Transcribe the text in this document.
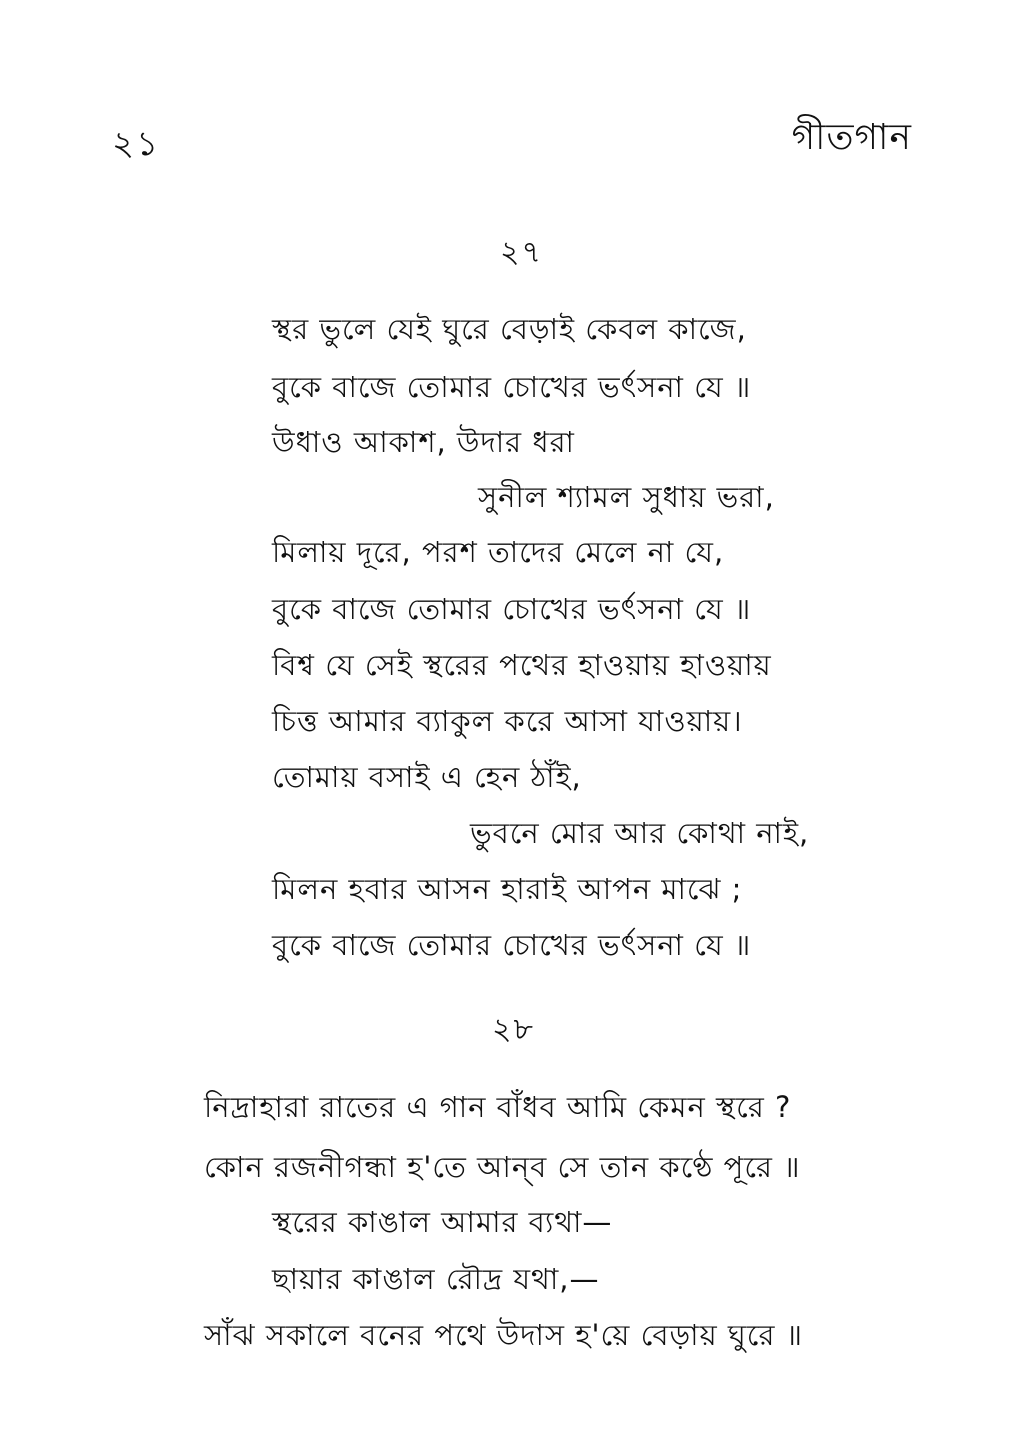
২১	গীতগান
২৭
স্থর ভুলে যেই ঘুরে বেড়াই কেবল কাজে,
বুকে বাজে তোমার চোখের ভর্ৎসনা যে ॥
উধাও আকাশ, উদার ধরা
সুনীল শ্যামল সুধায় ভরা,
মিলায় দূরে, পরশ তাদের মেলে না যে,
বুকে বাজে তোমার চোখের ভর্ৎসনা যে ॥
বিশ্ব যে সেই স্থরের পথের হাওয়ায় হাওয়ায়
চিত্ত আমার ব্যাকুল করে আসা যাওয়ায়।
তোমায় বসাই এ হেন ঠাঁই,
ভুবনে মোর আর কোথা নাই,
মিলন হবার আসন হারাই আপন মাঝে ;
বুকে বাজে তোমার চোখের ভর্ৎসনা যে ॥
২৮
নিদ্রাহারা রাতের এ গান বাঁধব আমি কেমন স্থরে ?
কোন রজনীগন্ধা হ'তে আন্‌ব সে তান কণ্ঠে পূরে ॥
স্থরের কাঙাল আমার ব্যথা—
ছায়ার কাঙাল রৌদ্র যথা,—
সাঁঝ সকালে বনের পথে উদাস হ'য়ে বেড়ায় ঘুরে ॥
